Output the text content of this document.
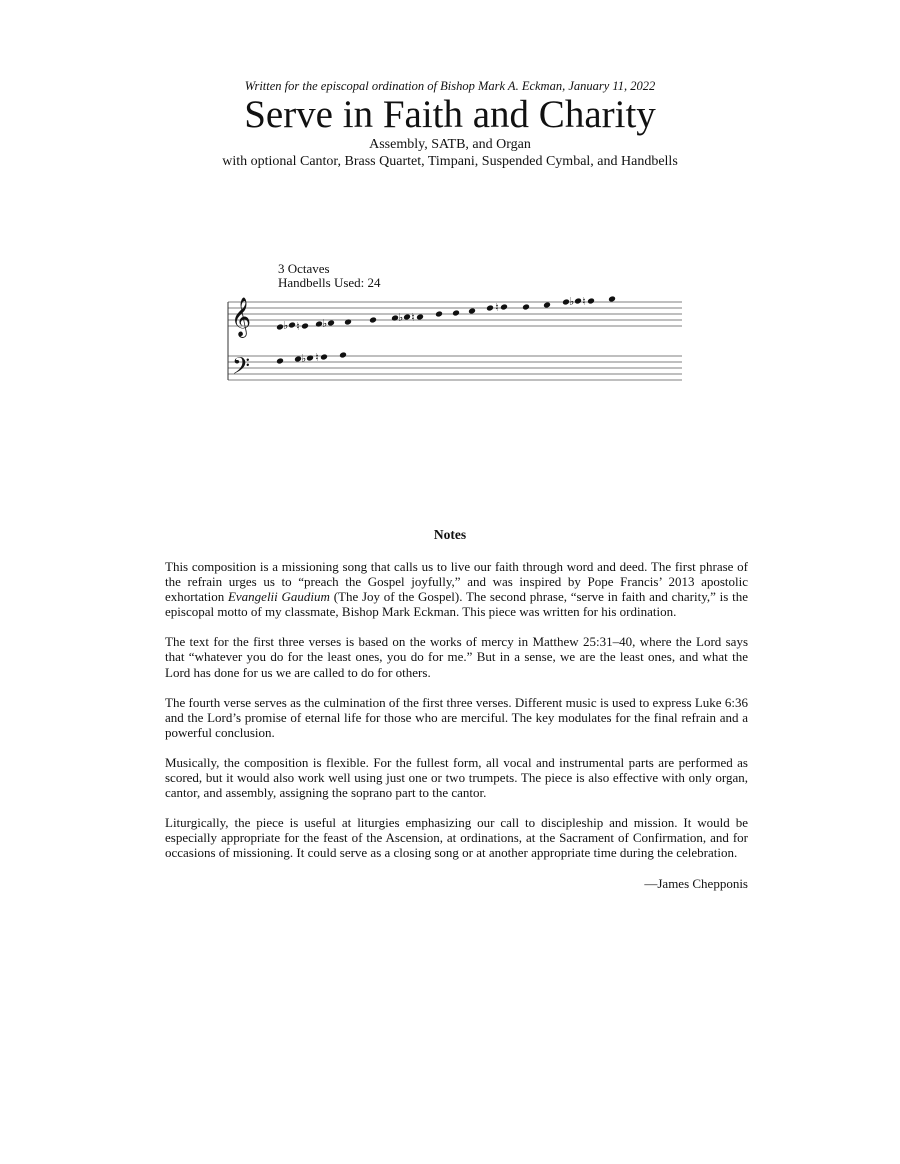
Written for the episcopal ordination of Bishop Mark A. Eckman, January 11, 2022
Serve in Faith and Charity
Assembly, SATB, and Organ
with optional Cantor, Brass Quartet, Timpani, Suspended Cymbal, and Handbells
3 Octaves
Handbells Used: 24
𝄞
𝄢
♭ ♮ ♭	♭ ♮
♮	♭ ♮
♭ ♮
Notes

This composition is a missioning song that calls us to live our faith through word and deed. The first phrase of the refrain urges us to “preach the Gospel joyfully,” and was inspired by Pope Francis’ 2013 apostolic exhortation Evangelii Gaudium (The Joy of the Gospel). The second phrase, “serve in faith and charity,” is the episcopal motto of my classmate, Bishop Mark Eckman. This piece was written for his ordination.

The text for the first three verses is based on the works of mercy in Matthew 25:31–40, where the Lord says that “whatever you do for the least ones, you do for me.” But in a sense, we are the least ones, and what the Lord has done for us we are called to do for others.

The fourth verse serves as the culmination of the first three verses. Different music is used to express Luke 6:36 and the Lord’s promise of eternal life for those who are merciful. The key modulates for the final refrain and a powerful conclusion.

Musically, the composition is flexible. For the fullest form, all vocal and instrumental parts are performed as scored, but it would also work well using just one or two trumpets. The piece is also effective with only organ, cantor, and assembly, assigning the soprano part to the cantor.

Liturgically, the piece is useful at liturgies emphasizing our call to discipleship and mission. It would be especially appropriate for the feast of the Ascension, at ordinations, at the Sacrament of Confirmation, and for occasions of missioning. It could serve as a closing song or at another appropriate time during the celebration.

—James Chepponis
